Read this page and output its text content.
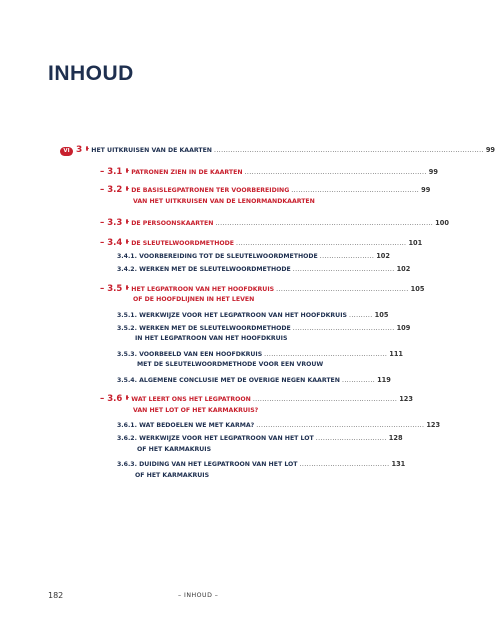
INHOUD
VI 3 HET UITKRUISEN VAN DE KAARTEN .................................................................................................................. 99
– 3.1 PATRONEN ZIEN IN DE KAARTEN ............................................................................. 99
– 3.2 DE BASISLEGPATRONEN TER VOORBEREIDING ...................................................... 99
VAN HET UITKRUISEN VAN DE LENORMANDKAARTEN
– 3.3 DE PERSOONSKAARTEN ............................................................................................ 100
– 3.4 DE SLEUTELWOORDMETHODE ........................................................................ 101
3.4.1. VOORBEREIDING TOT DE SLEUTELWOORDMETHODE ....................... 102
3.4.2. WERKEN MET DE SLEUTELWOORDMETHODE ........................................... 102
– 3.5 HET LEGPATROON VAN HET HOOFDKRUIS ........................................................ 105
OF DE HOOFDLIJNEN IN HET LEVEN
3.5.1. WERKWIJZE VOOR HET LEGPATROON VAN HET HOOFDKRUIS .......... 105
3.5.2. WERKEN MET DE SLEUTELWOORDMETHODE ........................................... 109
IN HET LEGPATROON VAN HET HOOFDKRUIS
3.5.3. VOORBEELD VAN EEN HOOFDKRUIS .................................................... 111
MET DE SLEUTELWOORDMETHODE VOOR EEN VROUW
3.5.4. ALGEMENE CONCLUSIE MET DE OVERIGE NEGEN KAARTEN .............. 119
– 3.6 WAT LEERT ONS HET LEGPATROON ............................................................. 123
VAN HET LOT OF HET KARMAKRUIS?
3.6.1. WAT BEDOELEN WE MET KARMA? ....................................................................... 123
3.6.2. WERKWIJZE VOOR HET LEGPATROON VAN HET LOT .............................. 128
OF HET KARMAKRUIS
3.6.3. DUIDING VAN HET LEGPATROON VAN HET LOT ...................................... 131
OF HET KARMAKRUIS
182	– INHOUD –
